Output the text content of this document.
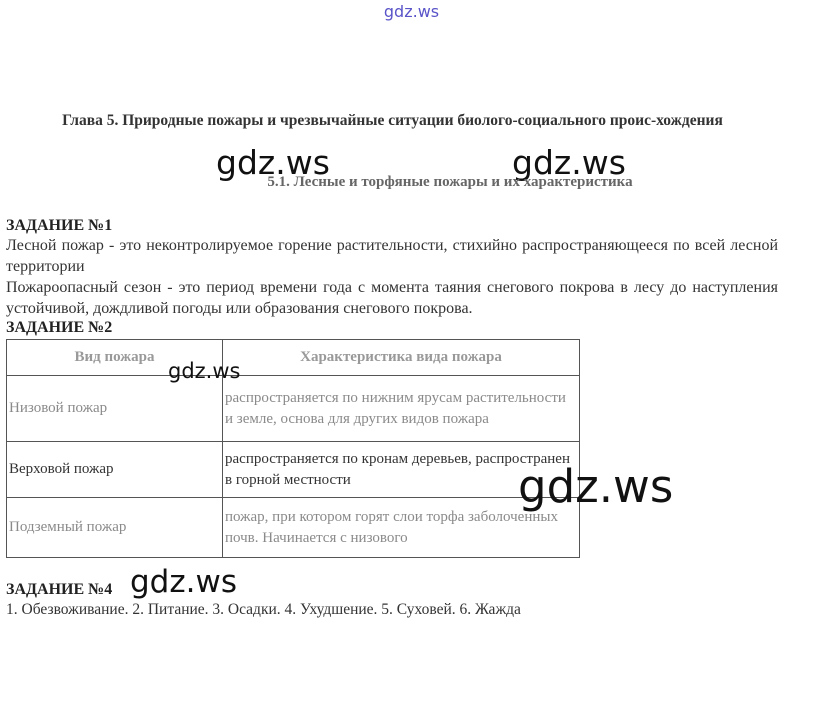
gdz.ws
Глава 5. Природные пожары и чрезвычайные ситуации биолого-социального проис-хождения
gdz.ws	gdz.ws
5.1. Лесные и торфяные пожары и их характеристика
ЗАДАНИЕ №1
Лесной пожар - это неконтролируемое горение растительности, стихийно распространяющееся по всей лесной территории
Пожароопасный сезон - это период времени года с момента таяния снегового покрова в лесу до наступления устойчивой, дождливой погоды или образования снегового покрова.
ЗАДАНИЕ №2
Вид пожара	Характеристика вида пожара
Низовой пожар	распространяется по нижним ярусам растительности и земле, основа для других видов пожара
Верховой пожар	распространяется по кронам деревьев, распространен в горной местности
Подземный пожар	пожар, при котором горят слои торфа заболоченных почв. Начинается с низового
gdz.ws
gdz.ws
ЗАДАНИЕ №4 gdz.ws
1. Обезвоживание. 2. Питание. 3. Осадки. 4. Ухудшение. 5. Суховей. 6. Жажда
